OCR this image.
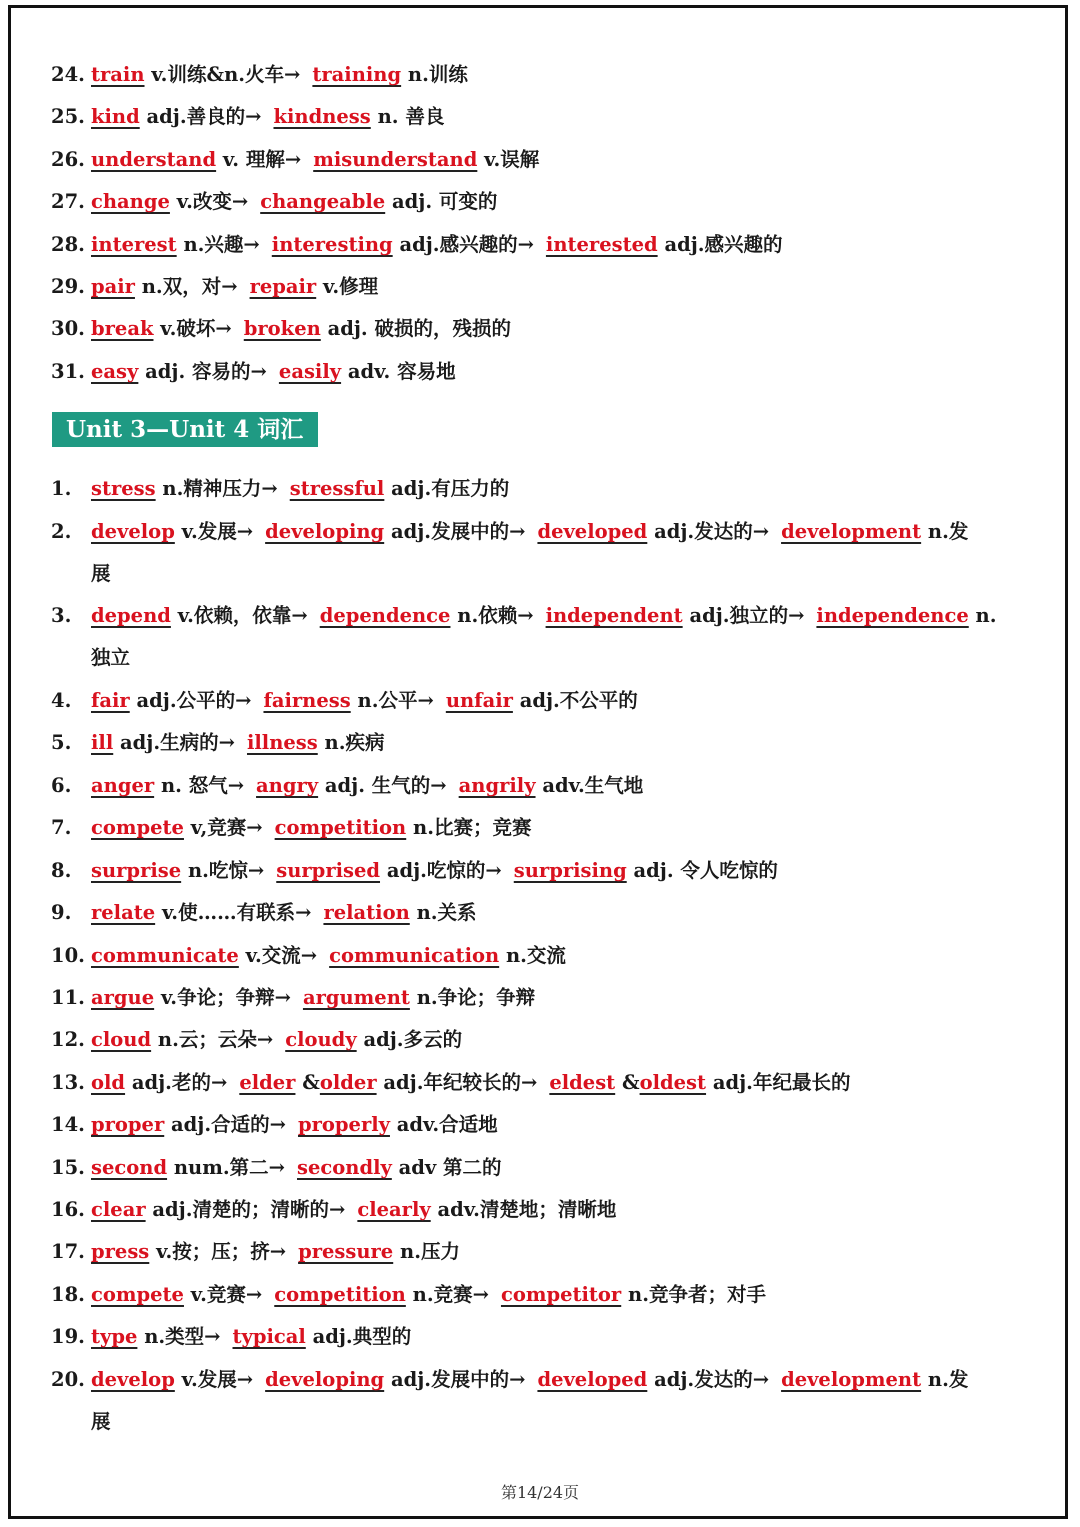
24. train v.训练&n.火车→ training n.训练
25. kind adj.善良的→ kindness n. 善良
26. understand v. 理解→ misunderstand v.误解
27. change v.改变→ changeable adj. 可变的
28. interest n.兴趣→ interesting adj.感兴趣的→ interested adj.感兴趣的
29. pair n.双，对→ repair v.修理
30. break v.破坏→ broken adj. 破损的，残损的
31. easy adj. 容易的→ easily adv. 容易地
Unit 3—Unit 4 词汇
1. stress n.精神压力→ stressful adj.有压力的
2. develop v.发展→ developing adj.发展中的→ developed adj.发达的→ development n.发
展
3. depend v.依赖，依靠→ dependence n.依赖→ independent adj.独立的→ independence n.
独立
4. fair adj.公平的→ fairness n.公平→ unfair adj.不公平的
5. ill adj.生病的→ illness n.疾病
6. anger n. 怒气→ angry adj. 生气的→ angrily adv.生气地
7. compete v,竞赛→ competition n.比赛；竞赛
8. surprise n.吃惊→ surprised adj.吃惊的→ surprising adj. 令人吃惊的
9. relate v.使……有联系→ relation n.关系
10. communicate v.交流→ communication n.交流
11. argue v.争论；争辩→ argument n.争论；争辩
12. cloud n.云；云朵→ cloudy adj.多云的
13. old adj.老的→ elder &older adj.年纪较长的→ eldest &oldest adj.年纪最长的
14. proper adj.合适的→ properly adv.合适地
15. second num.第二→ secondly adv 第二的
16. clear adj.清楚的；清晰的→ clearly adv.清楚地；清晰地
17. press v.按；压；挤→ pressure n.压力
18. compete v.竞赛→ competition n.竞赛→ competitor n.竞争者；对手
19. type n.类型→ typical adj.典型的
20. develop v.发展→ developing adj.发展中的→ developed adj.发达的→ development n.发
展
第14/24页
